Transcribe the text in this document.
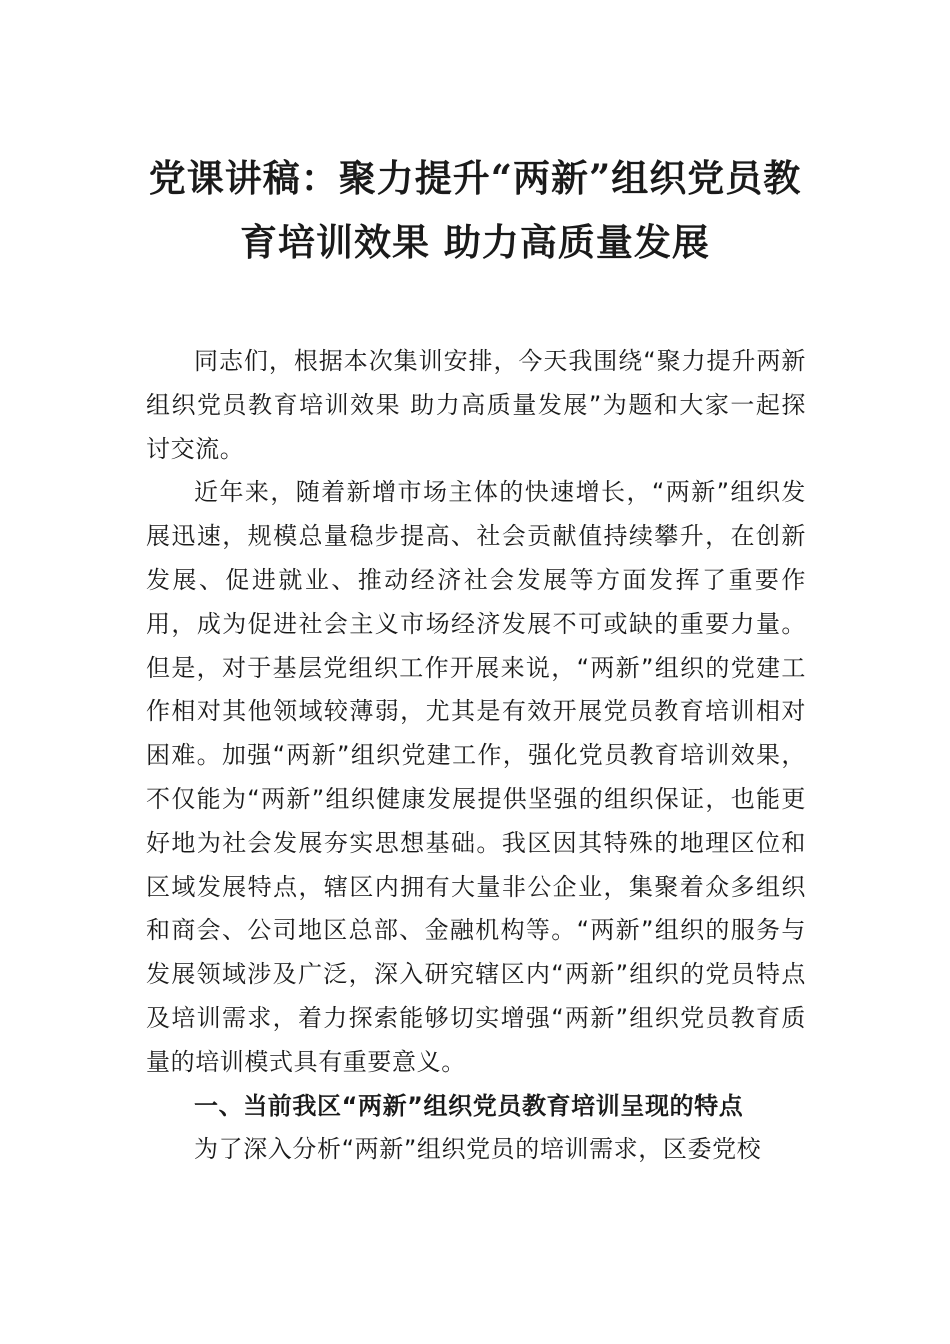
党课讲稿：聚力提升“两新”组织党员教
育培训效果 助力高质量发展

同志们，根据本次集训安排，今天我围绕“聚力提升两新组织党员教育培训效果 助力高质量发展”为题和大家一起探讨交流。

近年来，随着新增市场主体的快速增长，“两新”组织发展迅速，规模总量稳步提高、社会贡献值持续攀升，在创新发展、促进就业、推动经济社会发展等方面发挥了重要作用，成为促进社会主义市场经济发展不可或缺的重要力量。但是，对于基层党组织工作开展来说，“两新”组织的党建工作相对其他领域较薄弱，尤其是有效开展党员教育培训相对困难。加强“两新”组织党建工作，强化党员教育培训效果，不仅能为“两新”组织健康发展提供坚强的组织保证，也能更好地为社会发展夯实思想基础。我区因其特殊的地理区位和区域发展特点，辖区内拥有大量非公企业，集聚着众多组织和商会、公司地区总部、金融机构等。“两新”组织的服务与发展领域涉及广泛，深入研究辖区内“两新”组织的党员特点及培训需求，着力探索能够切实增强“两新”组织党员教育质量的培训模式具有重要意义。

一、当前我区“两新”组织党员教育培训呈现的特点

为了深入分析“两新”组织党员的培训需求，区委党校
